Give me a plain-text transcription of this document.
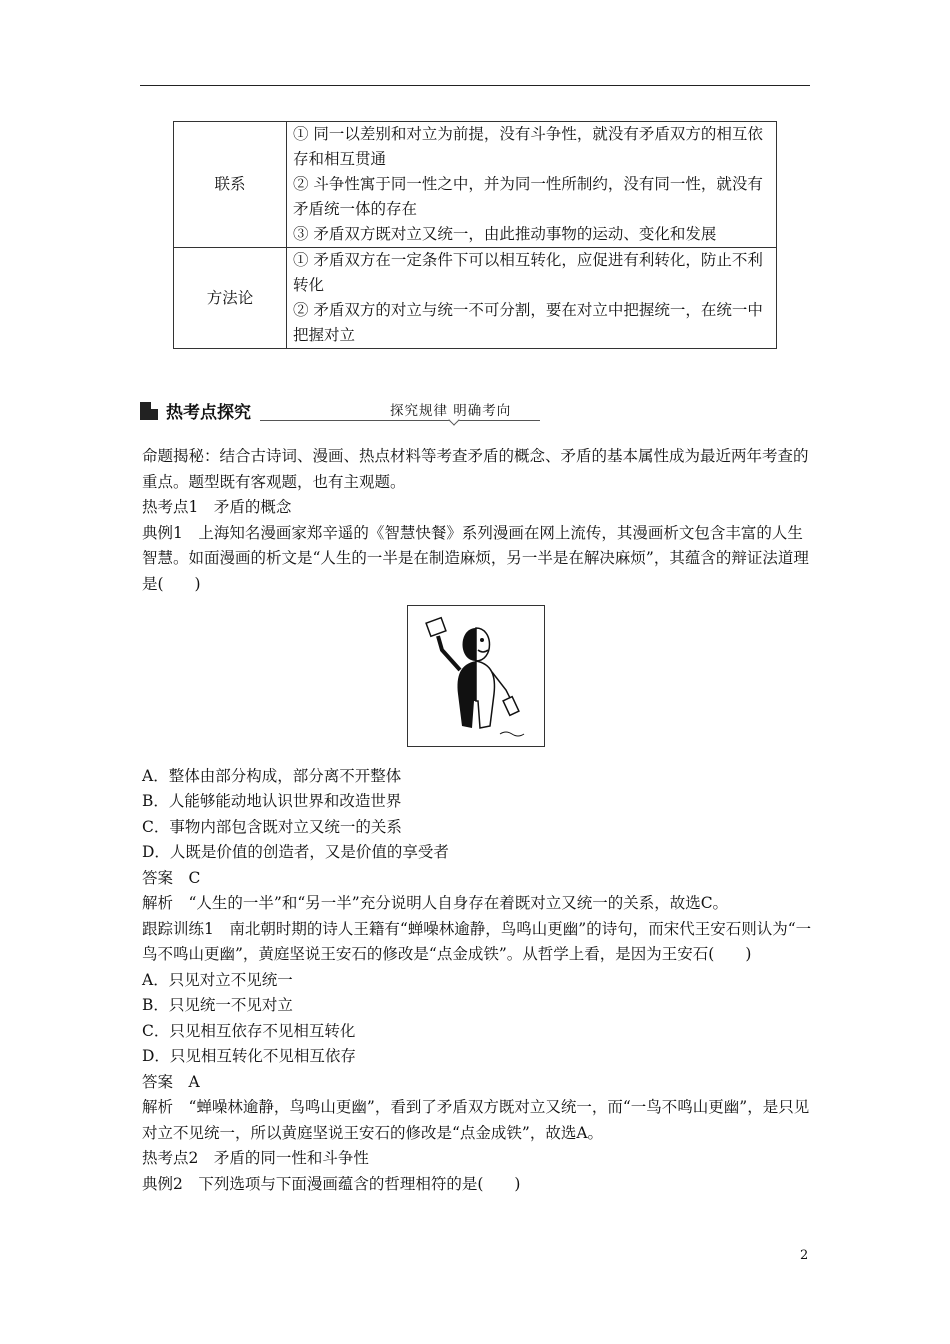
联系	① 同一以差别和对立为前提，没有斗争性，就没有矛盾双方的相互依存和相互贯通
② 斗争性寓于同一性之中，并为同一性所制约，没有同一性，就没有矛盾统一体的存在
③ 矛盾双方既对立又统一，由此推动事物的运动、变化和发展

方法论	① 矛盾双方在一定条件下可以相互转化，应促进有利转化，防止不利转化
② 矛盾双方的对立与统一不可分割，要在对立中把握统一，在统一中把握对立
热考点探究	探究规律 明确考向

命题揭秘：结合古诗词、漫画、热点材料等考查矛盾的概念、矛盾的基本属性成为最近两年考查的重点。题型既有客观题，也有主观题。

热考点1　矛盾的概念

典例1　上海知名漫画家郑辛遥的《智慧快餐》系列漫画在网上流传，其漫画析文包含丰富的人生智慧。如面漫画的析文是“人生的一半是在制造麻烦，另一半是在解决麻烦”，其蕴含的辩证法道理是(　　)

A．整体由部分构成，部分离不开整体

B．人能够能动地认识世界和改造世界

C．事物内部包含既对立又统一的关系

D．人既是价值的创造者，又是价值的享受者

答案　C

解析　“人生的一半”和“另一半”充分说明人自身存在着既对立又统一的关系，故选C。

跟踪训练1　南北朝时期的诗人王籍有“蝉噪林逾静，鸟鸣山更幽”的诗句，而宋代王安石则认为“一鸟不鸣山更幽”，黄庭坚说王安石的修改是“点金成铁”。从哲学上看，是因为王安石(　　)

A．只见对立不见统一

B．只见统一不见对立

C．只见相互依存不见相互转化

D．只见相互转化不见相互依存

答案　A

解析　“蝉噪林逾静，鸟鸣山更幽”，看到了矛盾双方既对立又统一，而“一鸟不鸣山更幽”，是只见对立不见统一，所以黄庭坚说王安石的修改是“点金成铁”，故选A。

热考点2　矛盾的同一性和斗争性

典例2　下列选项与下面漫画蕴含的哲理相符的是(　　)

2
